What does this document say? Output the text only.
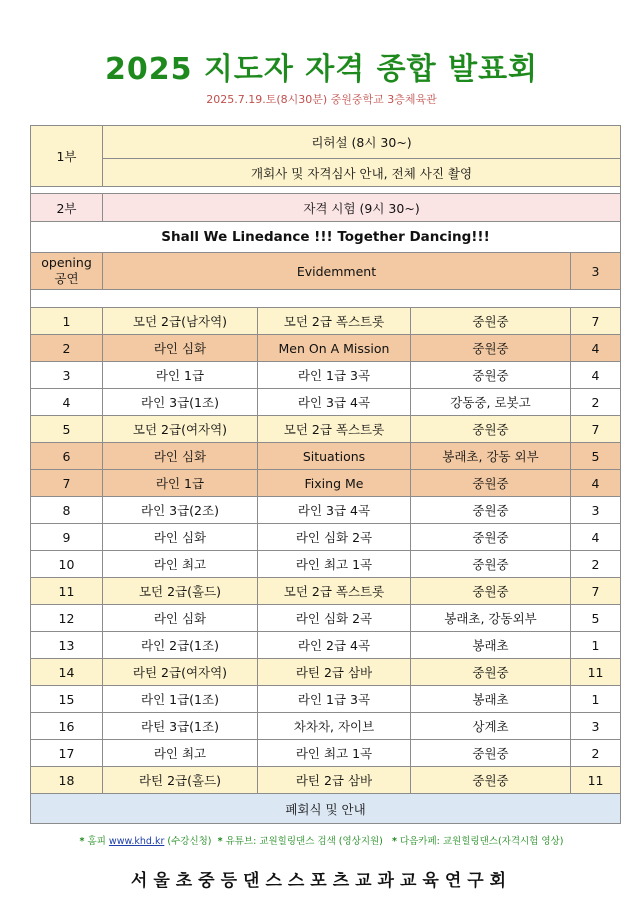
2025 지도자 자격 종합 발표회
2025.7.19.토(8시30분) 중원중학교 3층체육관
1부	리허설 (8시 30~)			
	개회사 및 자격심사 안내, 전체 사진 촬영			

2부	자격 시험 (9시 30~)			
Shall We Linedance !!! Together Dancing!!!				
opening
공연	Evidemment			3

1	모던 2급(남자역)	모던 2급 폭스트롯	중원중	7
2	라인 심화	Men On A Mission	중원중	4
3	라인 1급	라인 1급 3곡	중원중	4
4	라인 3급(1조)	라인 3급 4곡	강동중, 로봇고	2
5	모던 2급(여자역)	모던 2급 폭스트롯	중원중	7
6	라인 심화	Situations	봉래초, 강동 외부	5
7	라인 1급	Fixing Me	중원중	4
8	라인 3급(2조)	라인 3급 4곡	중원중	3
9	라인 심화	라인 심화 2곡	중원중	4
10	라인 최고	라인 최고 1곡	중원중	2
11	모던 2급(홀드)	모던 2급 폭스트롯	중원중	7
12	라인 심화	라인 심화 2곡	봉래초, 강동외부	5
13	라인 2급(1조)	라인 2급 4곡	봉래초	1
14	라틴 2급(여자역)	라틴 2급 삼바	중원중	11
15	라인 1급(1조)	라인 1급 3곡	봉래초	1
16	라틴 3급(1조)	차차차, 자이브	상계초	3
17	라인 최고	라인 최고 1곡	중원중	2
18	라틴 2급(홀드)	라틴 2급 삼바	중원중	11
폐회식 및 안내				
* 홈피 www.khd.kr (수강신청) * 유튜브: 교원힐링댄스 검색 (영상지원) * 다음카페: 교원힐링댄스(자격시험 영상)
서울초중등댄스스포츠교과교육연구회
